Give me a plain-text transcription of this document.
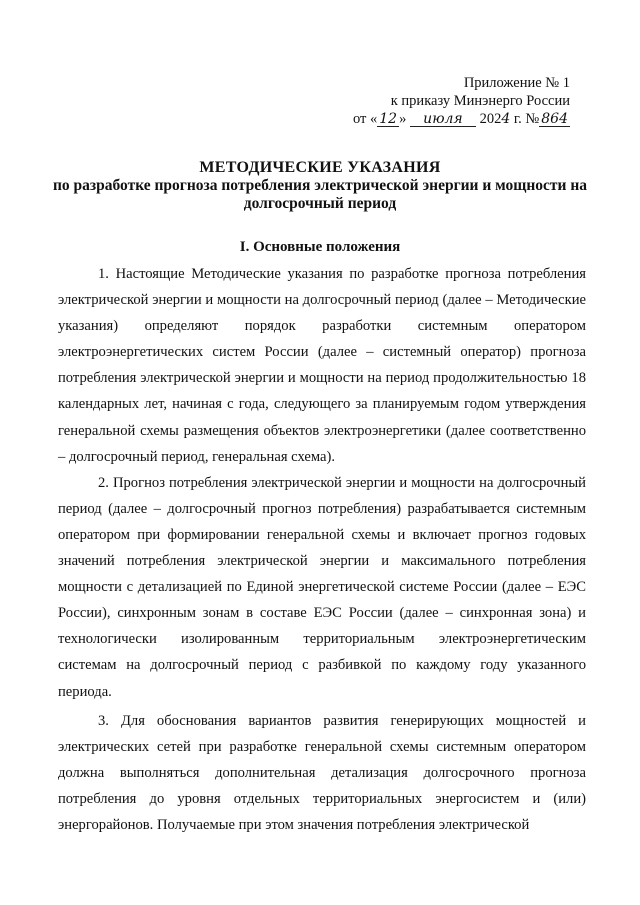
Приложение № 1
к приказу Минэнерго России
от « 12 » июля 2024 г. № 864
МЕТОДИЧЕСКИЕ УКАЗАНИЯ
по разработке прогноза потребления электрической энергии и мощности на
долгосрочный период
I. Основные положения

1. Настоящие Методические указания по разработке прогноза потребления электрической энергии и мощности на долгосрочный период (далее – Методические указания) определяют порядок разработки системным оператором электроэнергетических систем России (далее – системный оператор) прогноза потребления электрической энергии и мощности на период продолжительностью 18 календарных лет, начиная с года, следующего за планируемым годом утверждения генеральной схемы размещения объектов электроэнергетики (далее соответственно – долгосрочный период, генеральная схема).

2. Прогноз потребления электрической энергии и мощности на долгосрочный период (далее – долгосрочный прогноз потребления) разрабатывается системным оператором при формировании генеральной схемы и включает прогноз годовых значений потребления электрической энергии и максимального потребления мощности с детализацией по Единой энергетической системе России (далее – ЕЭС России), синхронным зонам в составе ЕЭС России (далее – синхронная зона) и технологически изолированным территориальным электроэнергетическим системам на долгосрочный период с разбивкой по каждому году указанного периода.

3. Для обоснования вариантов развития генерирующих мощностей и электрических сетей при разработке генеральной схемы системным оператором должна выполняться дополнительная детализация долгосрочного прогноза потребления до уровня отдельных территориальных энергосистем и (или) энергорайонов. Получаемые при этом значения потребления электрической
